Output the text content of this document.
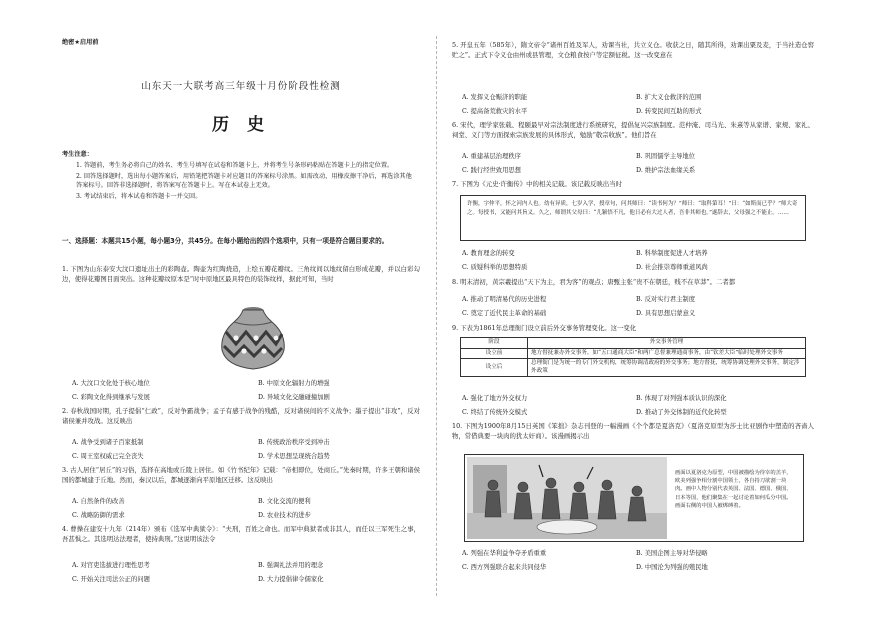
绝密★启用前
山东天一大联考高三年级十月份阶段性检测
历 史
考生注意：
1. 答题前，考生务必将自己的姓名、考生号填写在试卷和答题卡上，并将考生号条形码粘贴在答题卡上的指定位置。
2. 回答选择题时，选出每小题答案后，用铅笔把答题卡对应题目的答案标号涂黑。如需改动，用橡皮擦干净后，再选涂其他答案标号。回答非选择题时，将答案写在答题卡上。写在本试卷上无效。
3. 考试结束后，将本试卷和答题卡一并交回。
一、选择题：本题共15小题，每小题3分，共45分。在每小题给出的四个选项中，只有一项是符合题目要求的。
1. 下图为山东泰安大汶口遗址出土的彩陶壶。陶壶为红陶烧造，上绘五瓣花瓣纹。三角纹间以地纹留白形成花瓣，并以白彩勾边，使得花瓣图目面突出。这种花瓣纹原本是“时中原地区最具特色的装饰纹样，据此可知，当时
A. 大汶口文化处于核心地位	B. 中原文化辐射力的增强
C. 彩陶文化得到继承与发展	D. 异域文化交融碰撞加剧
2. 春秋战国时期，孔子提倡“仁政”，反对争霸战争；孟子有感于战争的残酷，反对诸侯间的不义战争；墨子提出“非攻”，反对诸侯兼并攻战。这反映出
A. 战争受到诸子百家抵制	B. 传统政治秩序受到冲击
C. 周王室权威已完全丧失	D. 学术思想呈现统合趋势
3. 古人居住“居丘”的习俗，选择在高地或丘陵上居住。如《竹书纪年》记载：“帝相即位，处商丘。”先秦时期，许多王朝和诸侯国的都城建于丘地。然而，秦汉以后，都城逐渐向平原地区迁移。这反映出
A. 自然条件的改善	B. 文化交流的便利
C. 战略防御的需求	D. 农业技术的进步
4. 曹操在建安十九年（214年）颁布《选军中典狱令》：“夫刑，百姓之命也。而军中典狱者或非其人，而任以三军死生之事，吾甚惧之。其选明达法理者，使持典刑。”这说明该法令
A. 对官吏选拔进行理性思考	B. 强调礼法并用的理念
C. 开始关注司法公正的问题	D. 大力提倡律令儒家化
5. 开皇五年（585年），隋文帝令“诸州百姓及军人，劝课当社，共立义仓。收获之日，随其所得，劝课出粟及麦，于当社造仓窖贮之”。正式下令义仓由州或县管理，文仓粮食按户等定额征税。这一改变意在
A. 发挥义仓赈济的职能	B. 扩大义仓救济的范围
C. 提高备荒救灾的水平	D. 转变民间互助的形式
6. 宋代，理学家张载、程颐最早对宗法制度进行系统研究，提倡复兴宗族制度。范仲淹、司马光、朱熹等从家谱、家规、家礼、祠堂、义门等方面探索宗族发展的具体形式，勉励“敬宗收族”。他们旨在
A. 重建基层治理秩序	B. 巩固儒学主导地位
C. 践行经世致用思想	D. 维护宗法血缘关系
7. 下图为《元史·许衡传》中的相关记载。该记载反映出当时
许衡，字仲平，怀之河内人也。幼有异质，七岁入学，授章句，问其师曰：“读书何为？”师曰：“取科第耳！”曰：“如斯而已乎？”师大奇之。每授书，又能问其旨义。久之，师谓其父母曰：“儿颖悟不凡，他日必有大过人者，吾非其师也。”遂辞去，父母强之不能止。……
A. 教育理念的转变	B. 科举制度促进人才培养
C. 质疑科举的思想特质	D. 社会推崇尊师重道风尚
8. 明末清初，黄宗羲提出“天下为主，君为客”的观点；唐甄主张“贵不在朝廷，贱不在草莽”。二者都
A. 推动了明清易代的历史进程	B. 反对实行君主制度
C. 奠定了近代民主革命的基础	D. 具有思想启蒙意义
9. 下表为1861年总理衙门设立前后外交事务管理变化。这一变化
阶段	外交事务管理
设立前	地方督抚兼办外交事务，如“五口通商大臣”和两广总督兼理通商事务，由“钦差大臣”临时处理外交事务
设立后	总理衙门是为统一的专门外交机构，统筹协调清政府的外交事务；地方督抚，统筹协调处理外交事务，制定涉外政策
A. 强化了地方外交权力	B. 体现了对列强本质认识的深化
C. 终结了传统外交模式	D. 推动了外交体制的近代化转型
10. 下图为1900年8月15日英国《笨拙》杂志刊登的一幅漫画《个个都是夏洛克》（夏洛克原型为莎士比亚剧作中塑造的吝啬人物，常借典要一块肉的犹太奸商）。该漫画揭示出
画面以夏洛克为原型，中国被描绘为待宰的羔羊，欧美列强争相分割中国领土，各自持刀欲割一块肉。画中人物分别代表英国、法国、德国、俄国、日本等国，他们聚集在一起讨论着如何瓜分中国。画面右侧的中国人被绑缚着。
A. 列强在华利益争夺矛盾重重	B. 美国企图主导对华侵略
C. 西方列强联合起来共同侵华	D. 中国沦为列强的殖民地
